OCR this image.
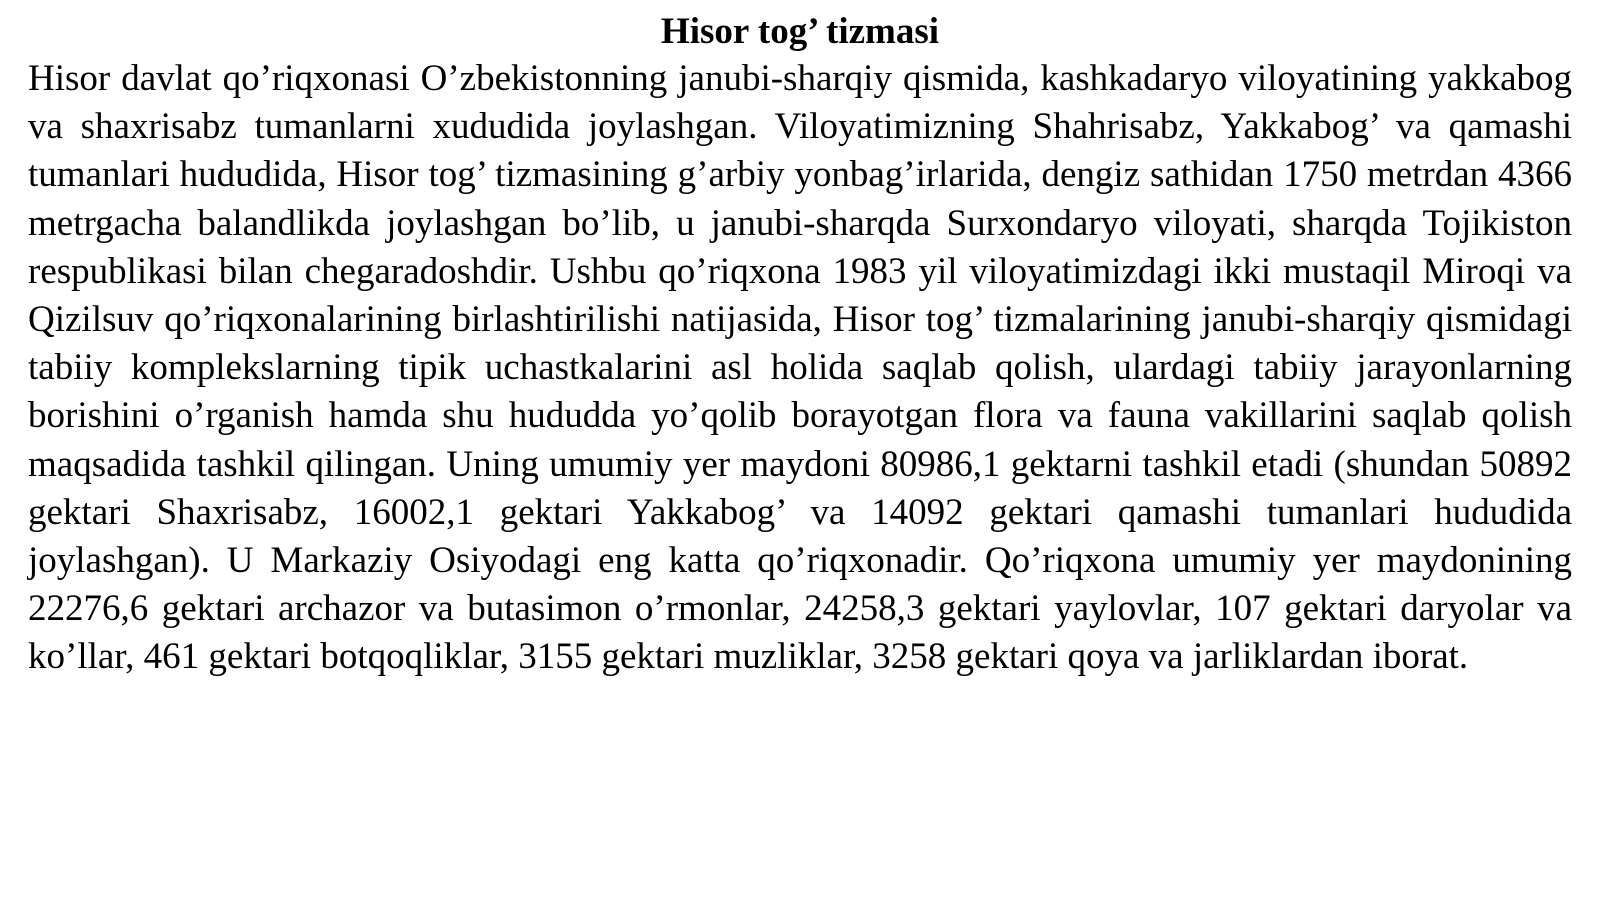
Hisor tog’ tizmasi

Hisor davlat qo’riqxonasi O’zbekistonning janubi-sharqiy qismida, kashkadaryo viloyatining yakkabog va shaxrisabz tumanlarni xududida joylashgan. Viloyatimizning Shahrisabz, Yakkabog’ va qamashi tumanlari hududida, Hisor tog’ tizmasining g’arbiy yonbag’irlarida, dengiz sathidan 1750 metrdan 4366 metrgacha balandlikda joylashgan bo’lib, u janubi-sharqda Surxondaryo viloyati, sharqda Tojikiston respublikasi bilan chegaradoshdir. Ushbu qo’riqxona 1983 yil viloyatimizdagi ikki mustaqil Miroqi va Qizilsuv qo’riqxonalarining birlashtirilishi natijasida, Hisor tog’ tizmalarining janubi-sharqiy qismidagi tabiiy komplekslarning tipik uchastkalarini asl holida saqlab qolish, ulardagi tabiiy jarayonlarning borishini o’rganish hamda shu hududda yo’qolib borayotgan flora va fauna vakillarini saqlab qolish maqsadida tashkil qilingan. Uning umumiy yer maydoni 80986,1 gektarni tashkil etadi (shundan 50892 gektari Shaxrisabz, 16002,1 gektari Yakkabog’ va 14092 gektari qamashi tumanlari hududida joylashgan). U Markaziy Osiyodagi eng katta qo’riqxonadir. Qo’riqxona umumiy yer maydonining 22276,6 gektari archazor va butasimon o’rmonlar, 24258,3 gektari yaylovlar, 107 gektari daryolar va ko’llar, 461 gektari botqoqliklar, 3155 gektari muzliklar, 3258 gektari qoya va jarliklardan iborat.
